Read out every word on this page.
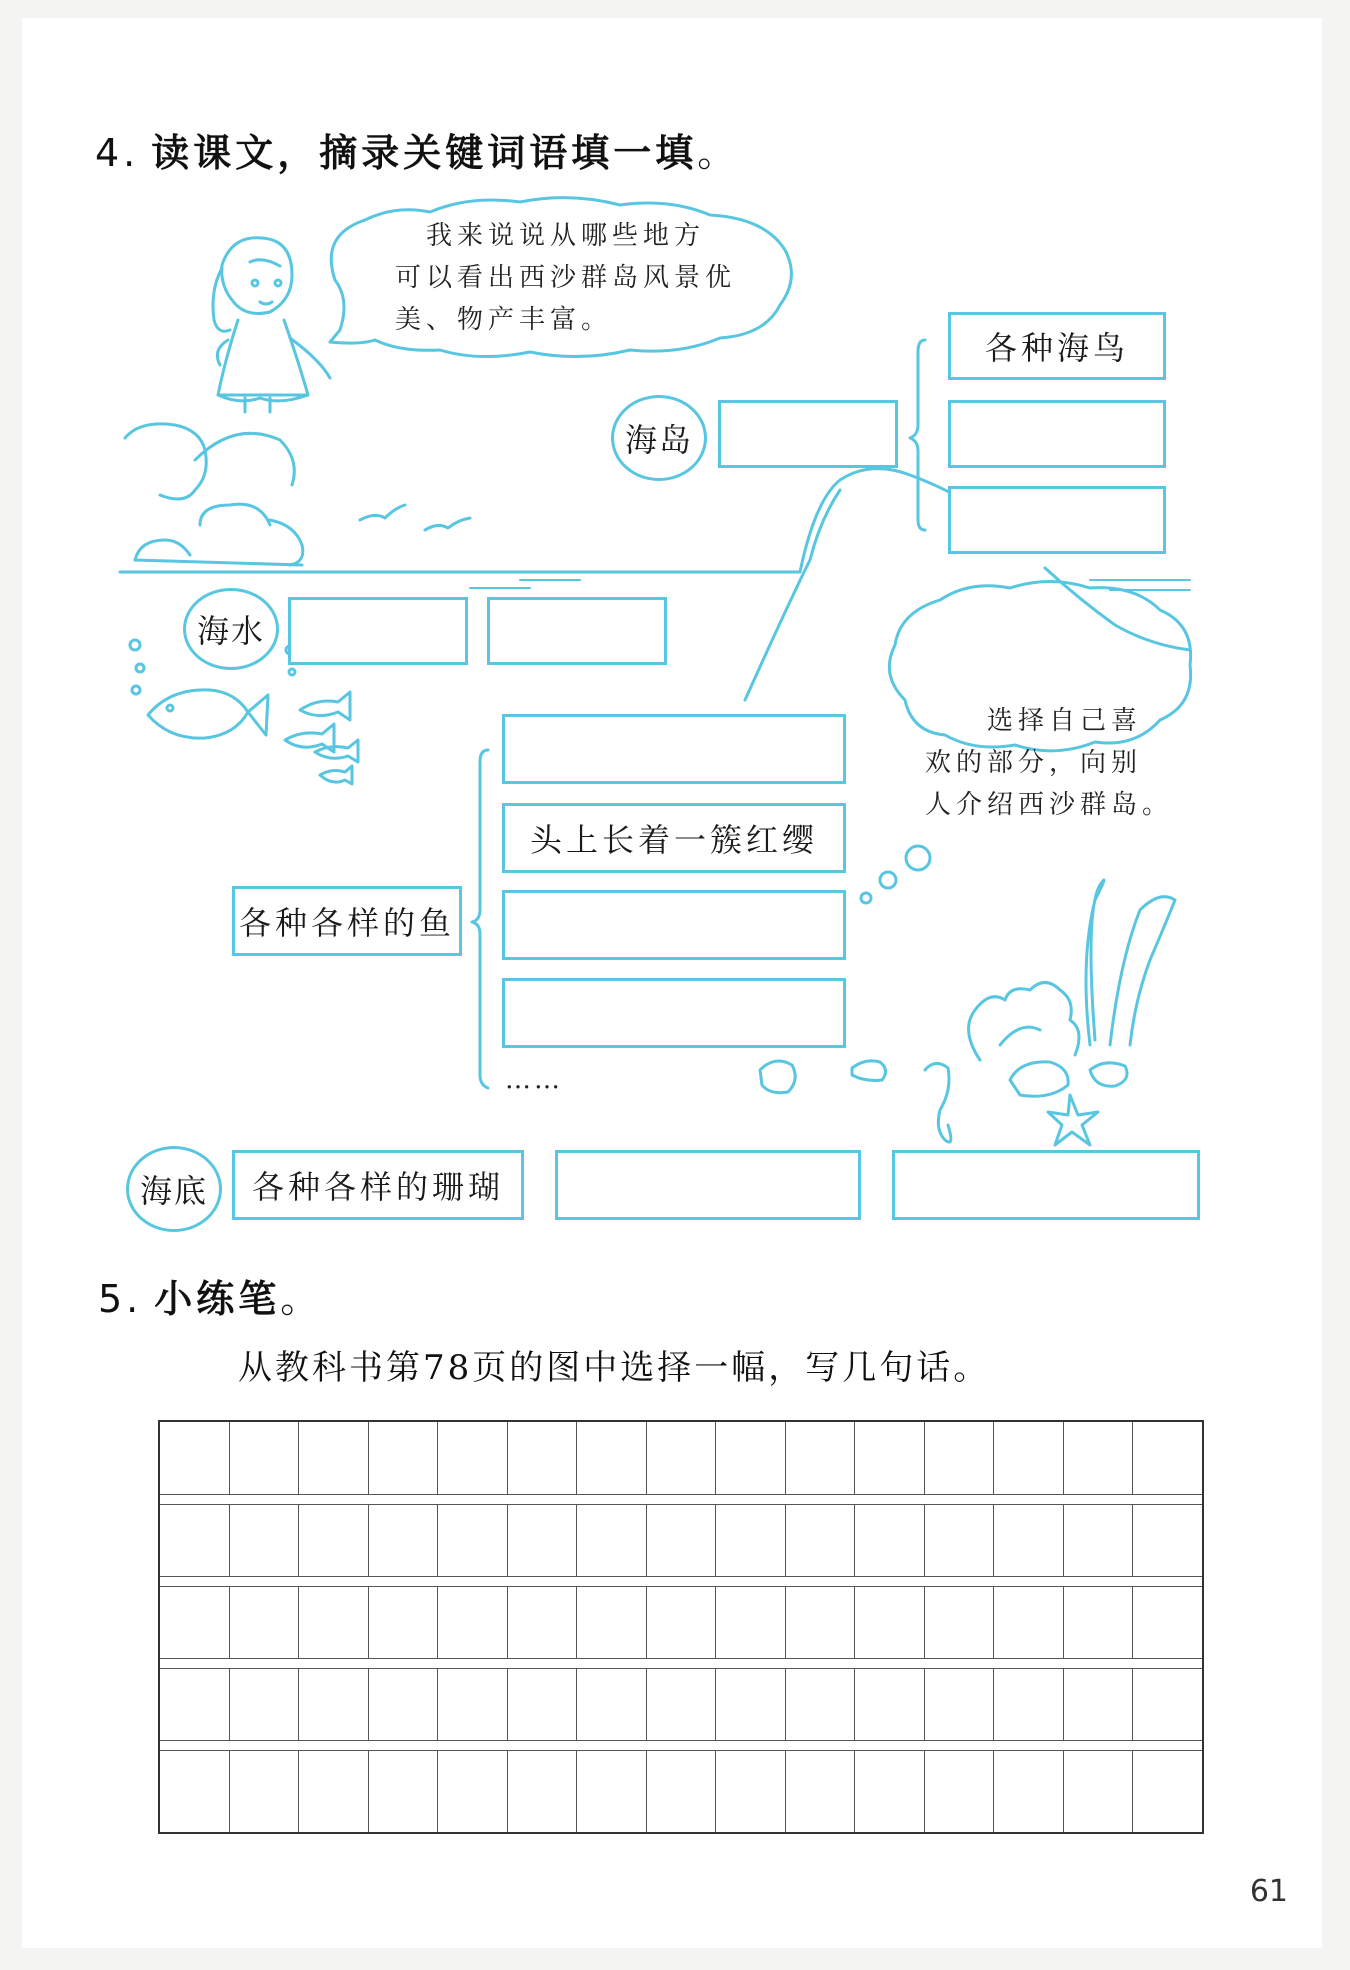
4. 读课文，摘录关键词语填一填。
　我来说说从哪些地方
可以看出西沙群岛风景优
美、物产丰富。
　　选择自己喜
欢的部分，向别
人介绍西沙群岛。
海岛
各种海鸟
海水
各种各样的鱼
头上长着一簇红缨
……
海底	各种各样的珊瑚
5. 小练笔。
从教科书第78页的图中选择一幅，写几句话。
61
